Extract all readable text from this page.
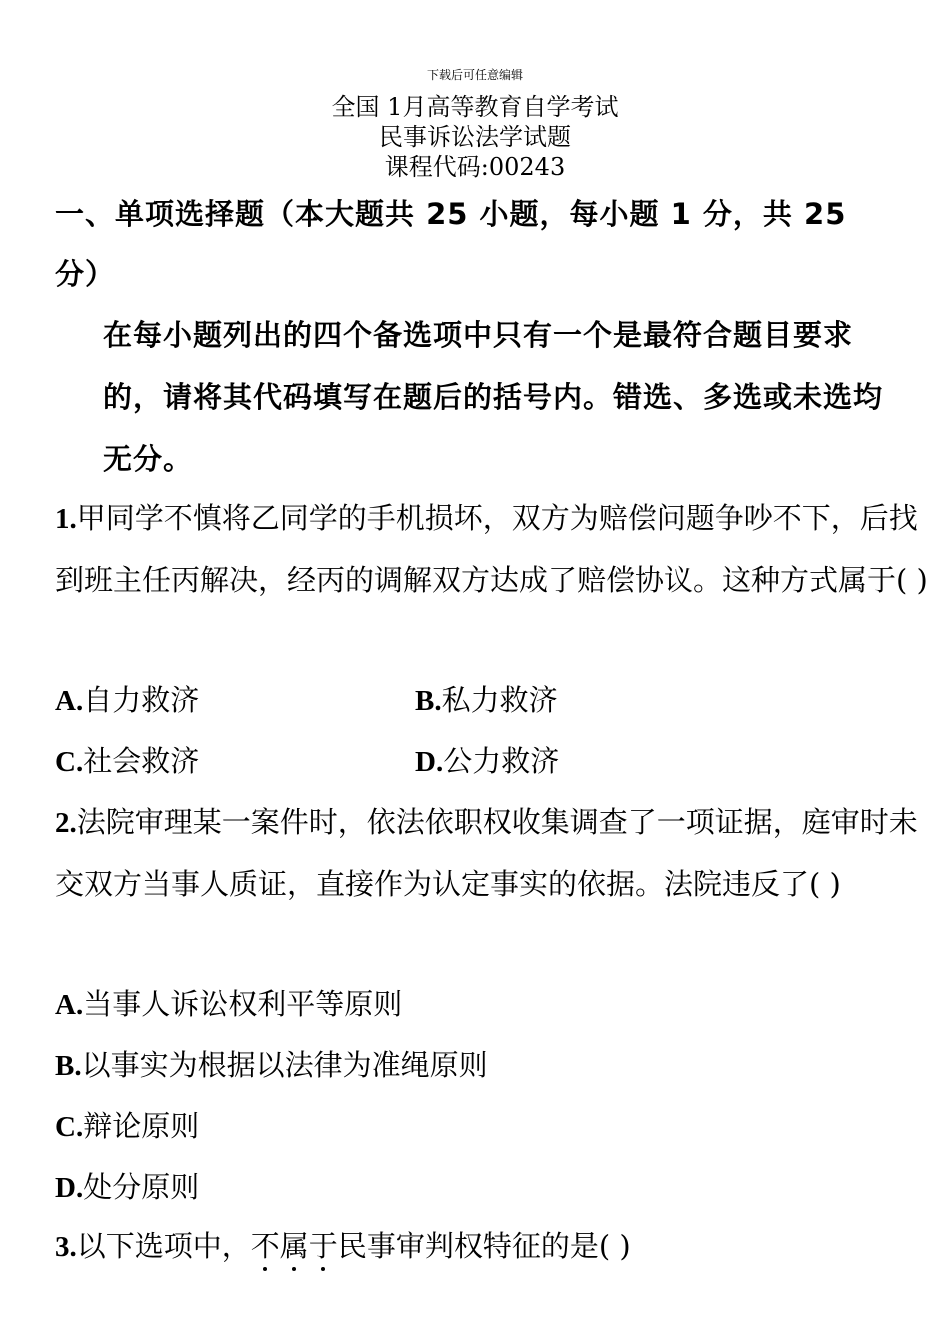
下载后可任意编辑
全国 1月高等教育自学考试
民事诉讼法学试题
课程代码:00243
一、单项选择题（本大题共 25 小题，每小题 1 分，共 25
分）
在每小题列出的四个备选项中只有一个是最符合题目要求的，请将其代码填写在题后的括号内。错选、多选或未选均无分。
1.甲同学不慎将乙同学的手机损坏，双方为赔偿问题争吵不下，后找到班主任丙解决，经丙的调解双方达成了赔偿协议。这种方式属于( )
A.自力救济	B.私力救济
C.社会救济	D.公力救济
2.法院审理某一案件时，依法依职权收集调查了一项证据，庭审时未交双方当事人质证，直接作为认定事实的依据。法院违反了( )
A.当事人诉讼权利平等原则
B.以事实为根据以法律为准绳原则
C.辩论原则
D.处分原则
3.以下选项中，不属于民事审判权特征的是( )
